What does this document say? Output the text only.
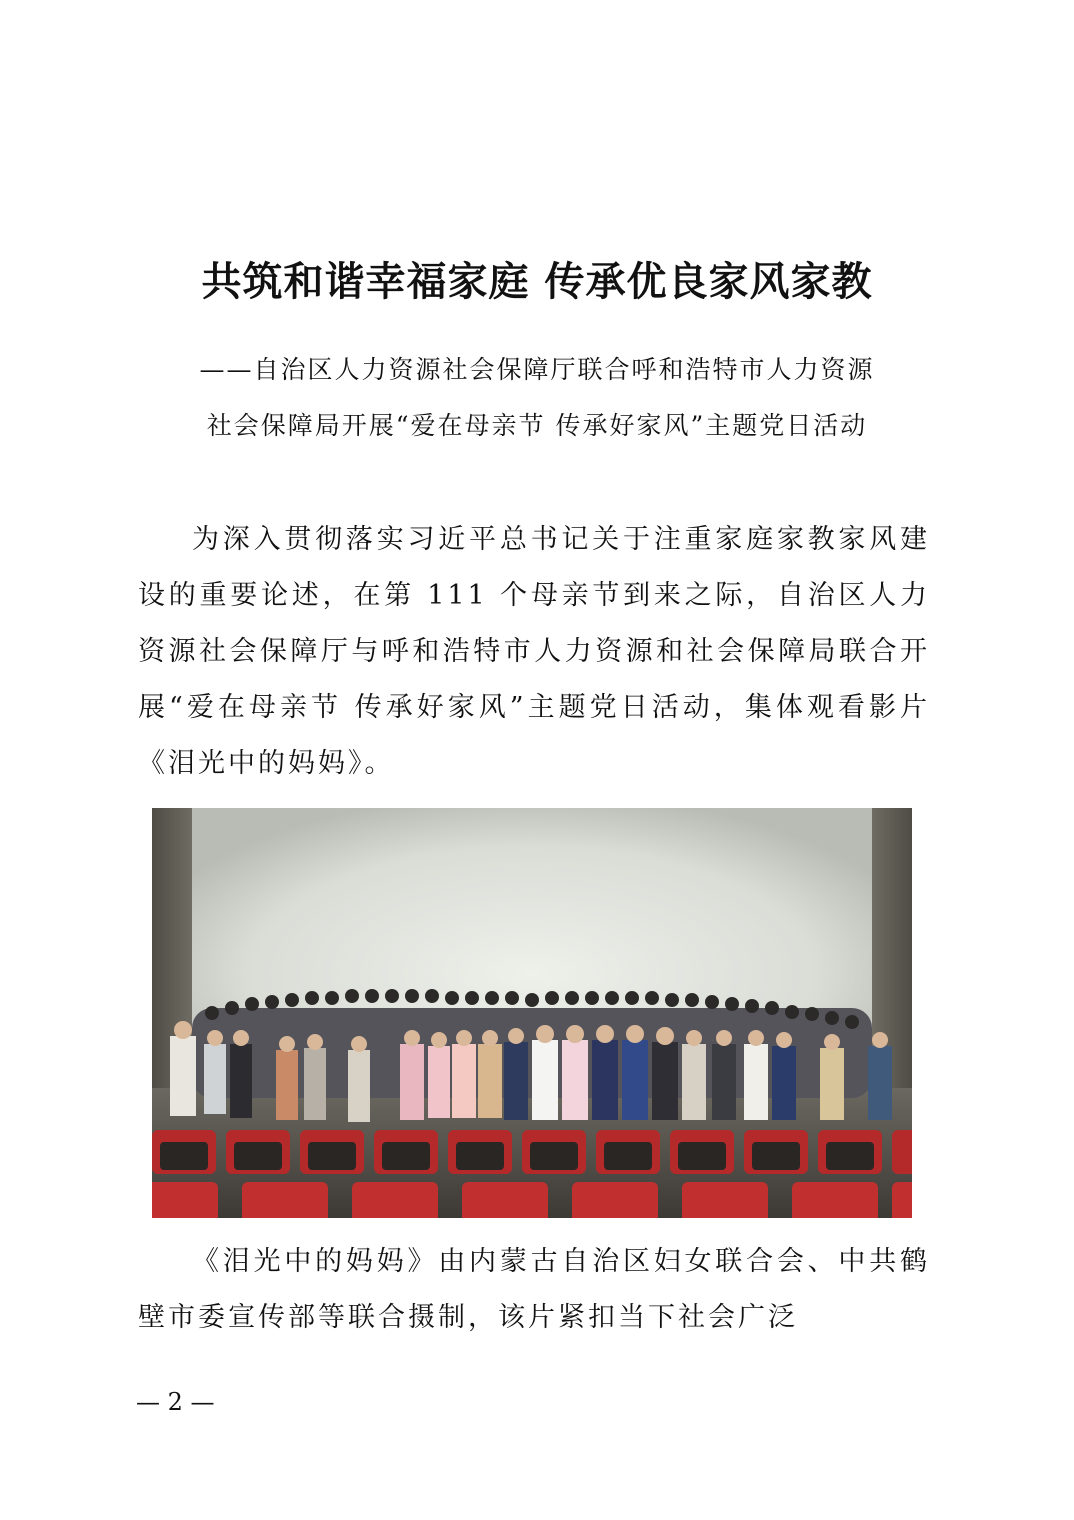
共筑和谐幸福家庭 传承优良家风家教
——自治区人力资源社会保障厅联合呼和浩特市人力资源
社会保障局开展“爱在母亲节 传承好家风”主题党日活动

为深入贯彻落实习近平总书记关于注重家庭家教家风建设的重要论述，在第 111 个母亲节到来之际，自治区人力资源社会保障厅与呼和浩特市人力资源和社会保障局联合开展“爱在母亲节 传承好家风”主题党日活动，集体观看影片《泪光中的妈妈》。

《泪光中的妈妈》由内蒙古自治区妇女联合会、中共鹤壁市委宣传部等联合摄制，该片紧扣当下社会广泛

— 2 —
